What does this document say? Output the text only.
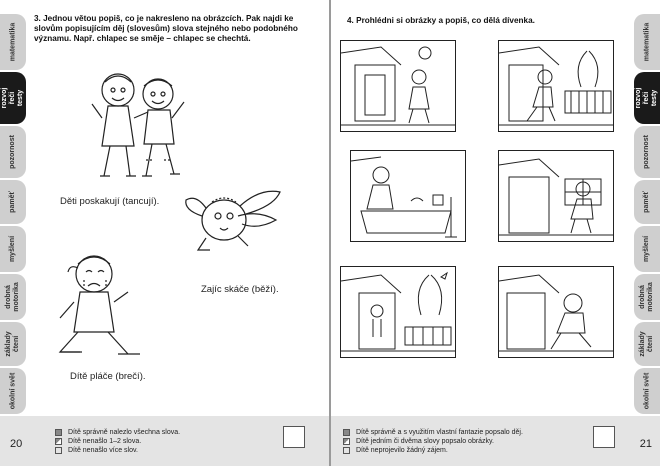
matematika
rozvoj řeči testy
pozornost
paměť
myšlení
drobná motorika
základy čtení
okolní svět
3. Jednou větou popiš, co je nakresleno na obrázcích. Pak najdi ke slovům popisujícím děj (slovesům) slova stejného nebo podobného významu. Např. chlapec se směje – chlapec se chechtá.
Děti poskakují (tancují).
Zajíc skáče (běží).
Dítě pláče (brečí).
20
Dítě správně nalezlo všechna slova.
Dítě nenašlo 1–2 slova.
Dítě nenašlo více slov.
4. Prohlédni si obrázky a popiš, co dělá dívenka.
matematika
rozvoj řeči testy
pozornost
paměť
myšlení
drobná motorika
základy čtení
okolní svět
Dítě správně a s využitím vlastní fantazie popsalo děj.
Dítě jedním či dvěma slovy popsalo obrázky.
Dítě neprojevilo žádný zájem.
21
